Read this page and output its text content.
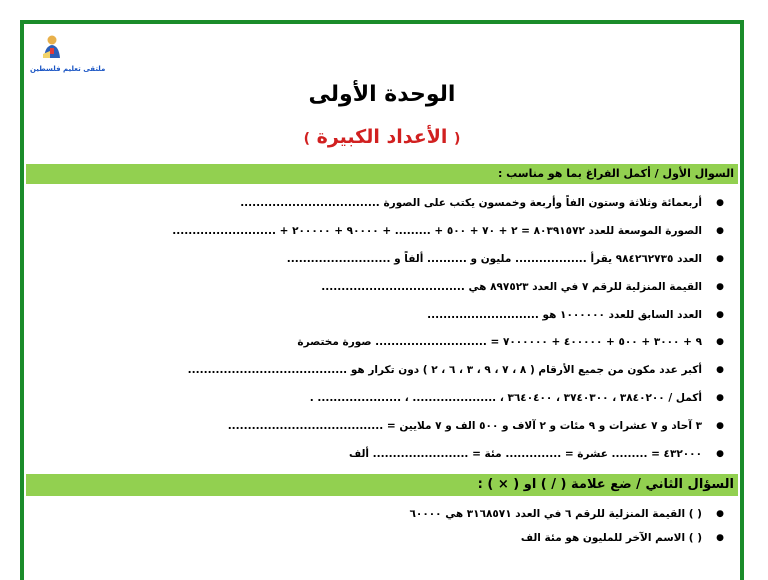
ملتقى تعليم فلسطين
الوحدة الأولى
( الأعداد الكبيرة )
السوال الأول / أكمل الفراغ بما هو مناسب :
● أربعمائة وثلاثة وستون الفاً وأربعة وخمسون يكتب على الصورة ...................................
● الصورة الموسعة للعدد ٨٠٣٩١٥٧٢ = ٢ + ٧٠ + ٥٠٠ + ......... + ٩٠٠٠٠ + ٢٠٠٠٠٠ + ..........................
● العدد ٩٨٤٢٦٢٧٣٥ يقرأ .................. مليون و .......... ألفاً و ..........................
● القيمة المنزلية للرقم ٧ في العدد ٨٩٧٥٢٣ هي ....................................
● العدد السابق للعدد ١٠٠٠٠٠٠ هو ............................
● ٩ + ٣٠٠٠ + ٥٠٠ + ٤٠٠٠٠٠ + ٧٠٠٠٠٠٠ = ............................ صورة مختصرة
● أكبر عدد مكون من جميع الأرقام ( ٨ ، ٧ ، ٩ ، ٣ ، ٦ ، ٢ ) دون تكرار هو ........................................
● أكمل / ٣٨٤٠٢٠٠ ، ٣٧٤٠٣٠٠ ، ٣٦٤٠٤٠٠ ، ..................... ، ..................... .
● ٣ آحاد و ٧ عشرات و ٩ مئات و ٢ آلاف و ٥٠٠ الف و ٧ ملايين = .......................................
● ٤٣٢٠٠٠ = ......... عشرة = .............. مئة = ........................ ألف
السؤال الثاني / ضع علامة ( / ) او ( × ) :
● ( ) القيمة المنزلية للرقم ٦ في العدد ٣١٦٨٥٧١ هي ٦٠٠٠٠
● ( ) الاسم الآخر للمليون هو مئة الف
